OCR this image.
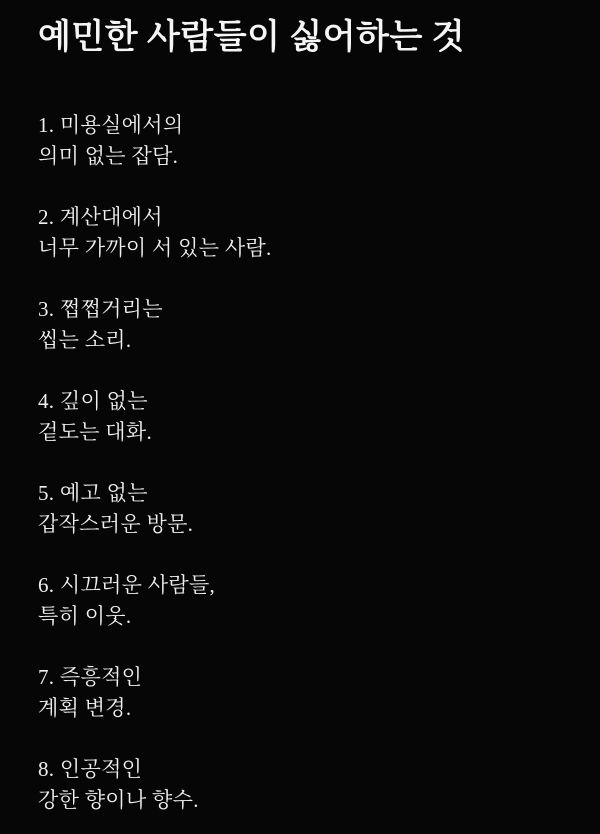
예민한 사람들이 싫어하는 것
1. 미용실에서의
의미 없는 잡담.
2. 계산대에서
너무 가까이 서 있는 사람.
3. 쩝쩝거리는
씹는 소리.
4. 깊이 없는
겉도는 대화.
5. 예고 없는
갑작스러운 방문.
6. 시끄러운 사람들,
특히 이웃.
7. 즉흥적인
계획 변경.
8. 인공적인
강한 향이나 향수.
